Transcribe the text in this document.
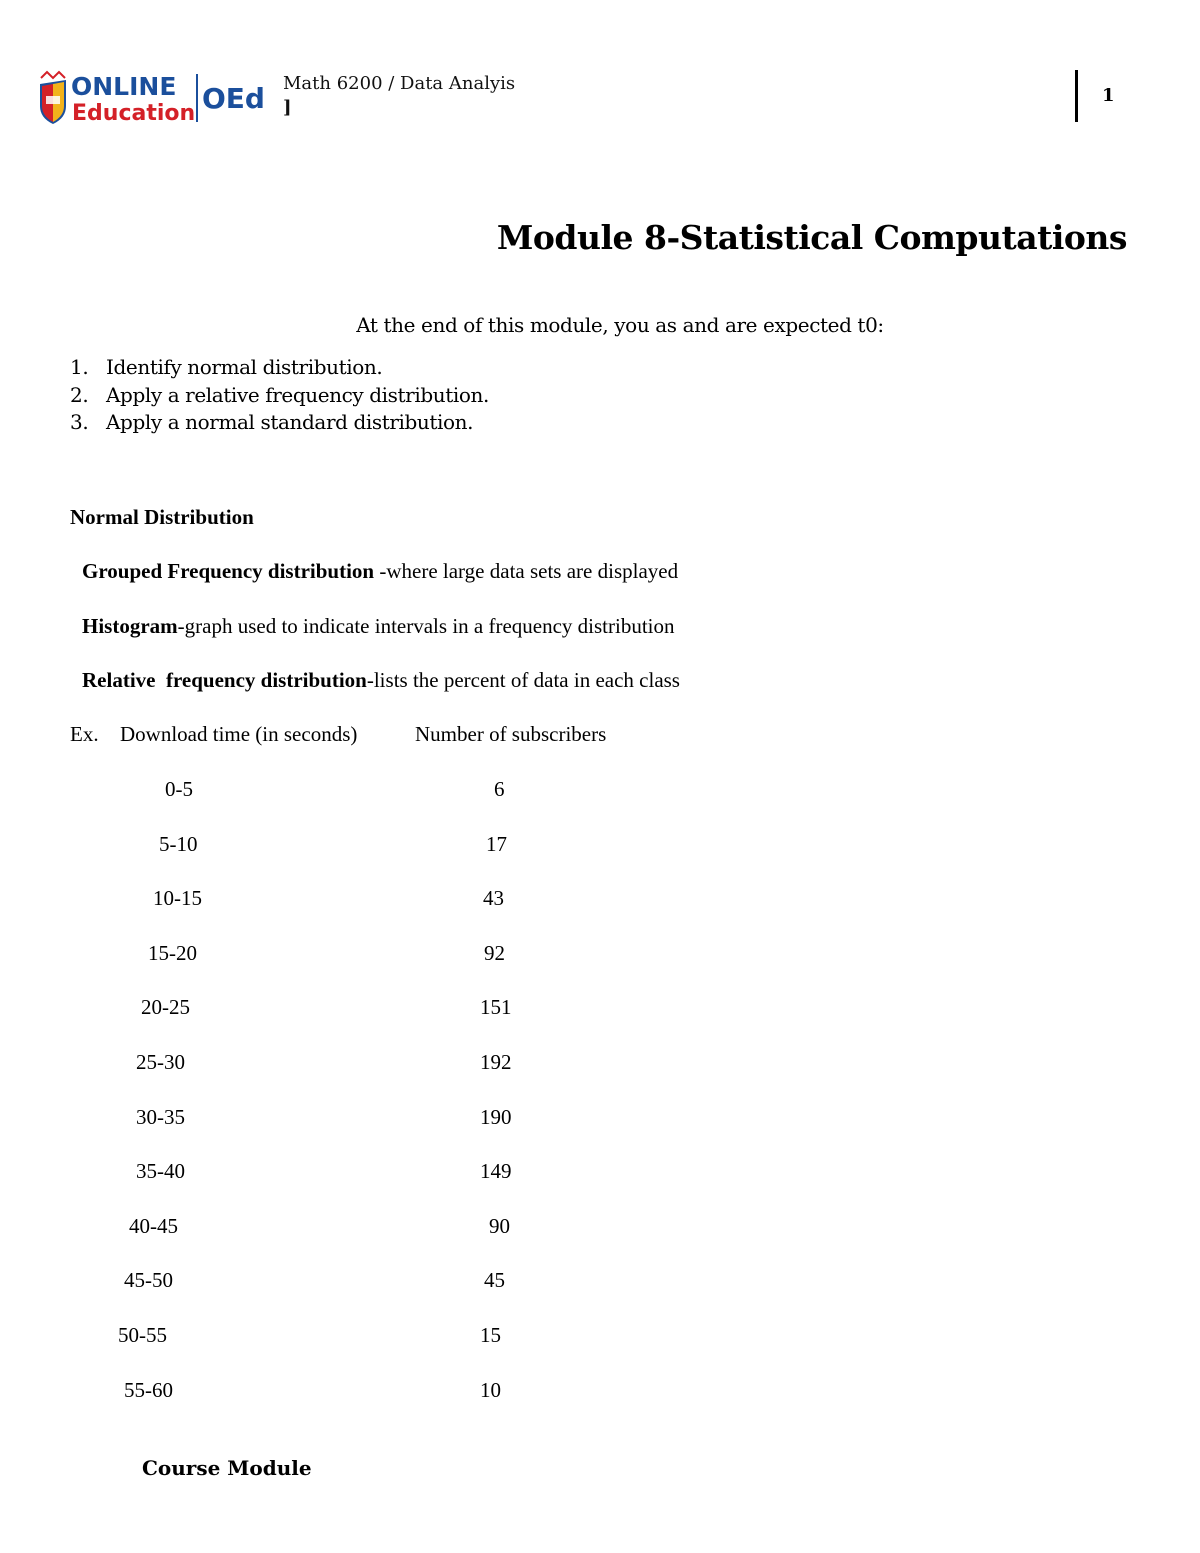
ONLINE
Education OEd Math 6200 / Data Analyis
]
1
Module 8-Statistical Computations
At the end of this module, you as and are expected t0:
1. Identify normal distribution.
2. Apply a relative frequency distribution.
3. Apply a normal standard distribution.
Normal Distribution
Grouped Frequency distribution -where large data sets are displayed
Histogram-graph used to indicate intervals in a frequency distribution
Relative  frequency distribution-lists the percent of data in each class
Ex. Download time (in seconds)	Number of subscribers
0-5	6
5-10	17
10-15	43
15-20	92
20-25	151
25-30	192
30-35	190
35-40	149
40-45	90
45-50	45
50-55	15
55-60	10
Course Module
